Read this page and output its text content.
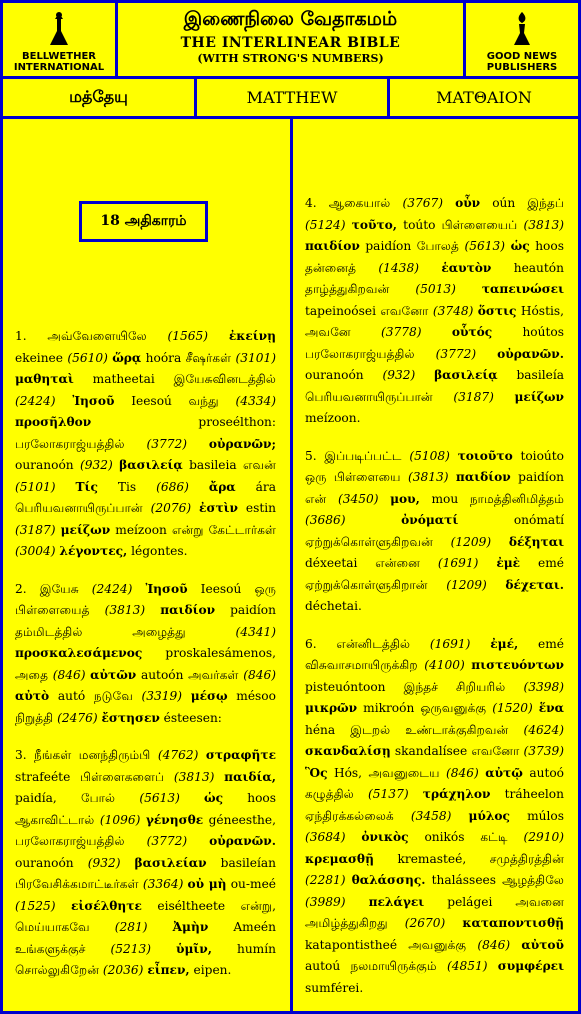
BELLWETHER
INTERNATIONAL
இணைநிலை வேதாகமம்
THE INTERLINEAR BIBLE
(WITH STRONG'S NUMBERS)	GOOD NEWS
PUBLISHERS
மத்தேயு	MATTHEW	MATΘAION
18 அதிகாரம்

1. அவ்வேளையிலே (1565) ἐκείνῃ ekeinee (5610) ὥρᾳ hoóra சீஷர்கள் (3101) μαθηταὶ matheetai இயேசுவினடத்தில் (2424) Ἰησοῦ Ieesoú வந்து (4334) προσῆλθον proseélthon: பரலோகராஜ்யத்தில் (3772) οὐρανῶν; ouranoón (932) βασιλείᾳ basileia எவன் (5101) Τίς Tis (686) ἄρα ára பெரியவனாயிருப்பான் (2076) ἐστὶν estin (3187) μείζων meízoon என்று கேட்டார்கள் (3004) λέγοντες, légontes.

2. இயேசு (2424) Ἰησοῦ Ieesoú ஒரு பிள்ளையைத் (3813) παιδίον paidíon தம்மிடத்தில் அழைத்து (4341) προσκαλεσάμενος proskalesámenos, அதை (846) αὐτῶν autoón அவர்கள் (846) αὐτὸ autó நடுவே (3319) μέσῳ mésoo நிறுத்தி (2476) ἔστησεν ésteesen:

3. நீங்கள் மனந்திரும்பி (4762) στραφῆτε strafeéte பிள்ளைகளைப் (3813) παιδία, paidía, போல் (5613) ὡς hoos ஆகாவிட்டால் (1096) γένησθε géneesthe, பரலோகராஜ்யத்தில் (3772) οὐρανῶν. ouranoón (932) βασιλείαν basileían பிரவேசிக்கமாட்டீர்கள் (3364) οὐ μὴ ou-meé (1525) εἰσέλθητε eiséltheete என்று, மெய்யாகவே (281) Ἀμὴν Ameén உங்களுக்குச் (5213) ὑμῖν, humín சொல்லுகிறேன் (2036) εἶπεν, eipen.

4. ஆகையால் (3767) οὖν oún இந்தப் (5124) τοῦτο, toúto பிள்ளையைப் (3813) παιδίον paidíon போலத் (5613) ὡς hoos தன்னைத் (1438) ἑαυτὸν heautón தாழ்த்துகிறவன் (5013) ταπεινώσει tapeinoósei எவனோ (3748) ὅστις Hóstis, அவனே (3778) οὗτός hoútos பரலோகராஜ்யத்தில் (3772) οὐρανῶν. ouranoón (932) βασιλείᾳ basileía பெரியவனாயிருப்பான் (3187) μείζων meízoon.

5. இப்படிப்பட்ட (5108) τοιοῦτο toioúto ஒரு பிள்ளையை (3813) παιδίον paidíon என் (3450) μου, mou நாமத்தினிமித்தம் (3686) ὀνόματί onómatí ஏற்றுக்கொள்ளுகிறவன் (1209) δέξηται déxeetai என்னை (1691) ἐμὲ emé ஏற்றுக்கொள்ளுகிறான் (1209) δέχεται. déchetai.

6. என்னிடத்தில் (1691) ἐμέ, emé விசுவாசமாயிருக்கிற (4100) πιστευόντων pisteuóntoon இந்தச் சிறியரில் (3398) μικρῶν mikroón ஒருவனுக்கு (1520) ἕνα héna இடறல் உண்டாக்குகிறவன் (4624) σκανδαλίσῃ skandalísee எவனோ (3739) Ὃς Hós, அவனுடைய (846) αὐτῷ autoó கழுத்தில் (5137) τράχηλον tráheelon ஏந்திரக்கல்லைக் (3458) μύλος múlos (3684) ὀνικὸς onikós கட்டி (2910) κρεμασθῇ kremasteé, சமுத்திரத்தின் (2281) θαλάσσης. thalássees ஆழத்திலே (3989) πελάγει pelágei அவனை அமிழ்த்துகிறது (2670) καταποντισθῇ katapontistheé அவனுக்கு (846) αὐτοῦ autoú நலமாயிருக்கும் (4851) συμφέρει sumférei.
